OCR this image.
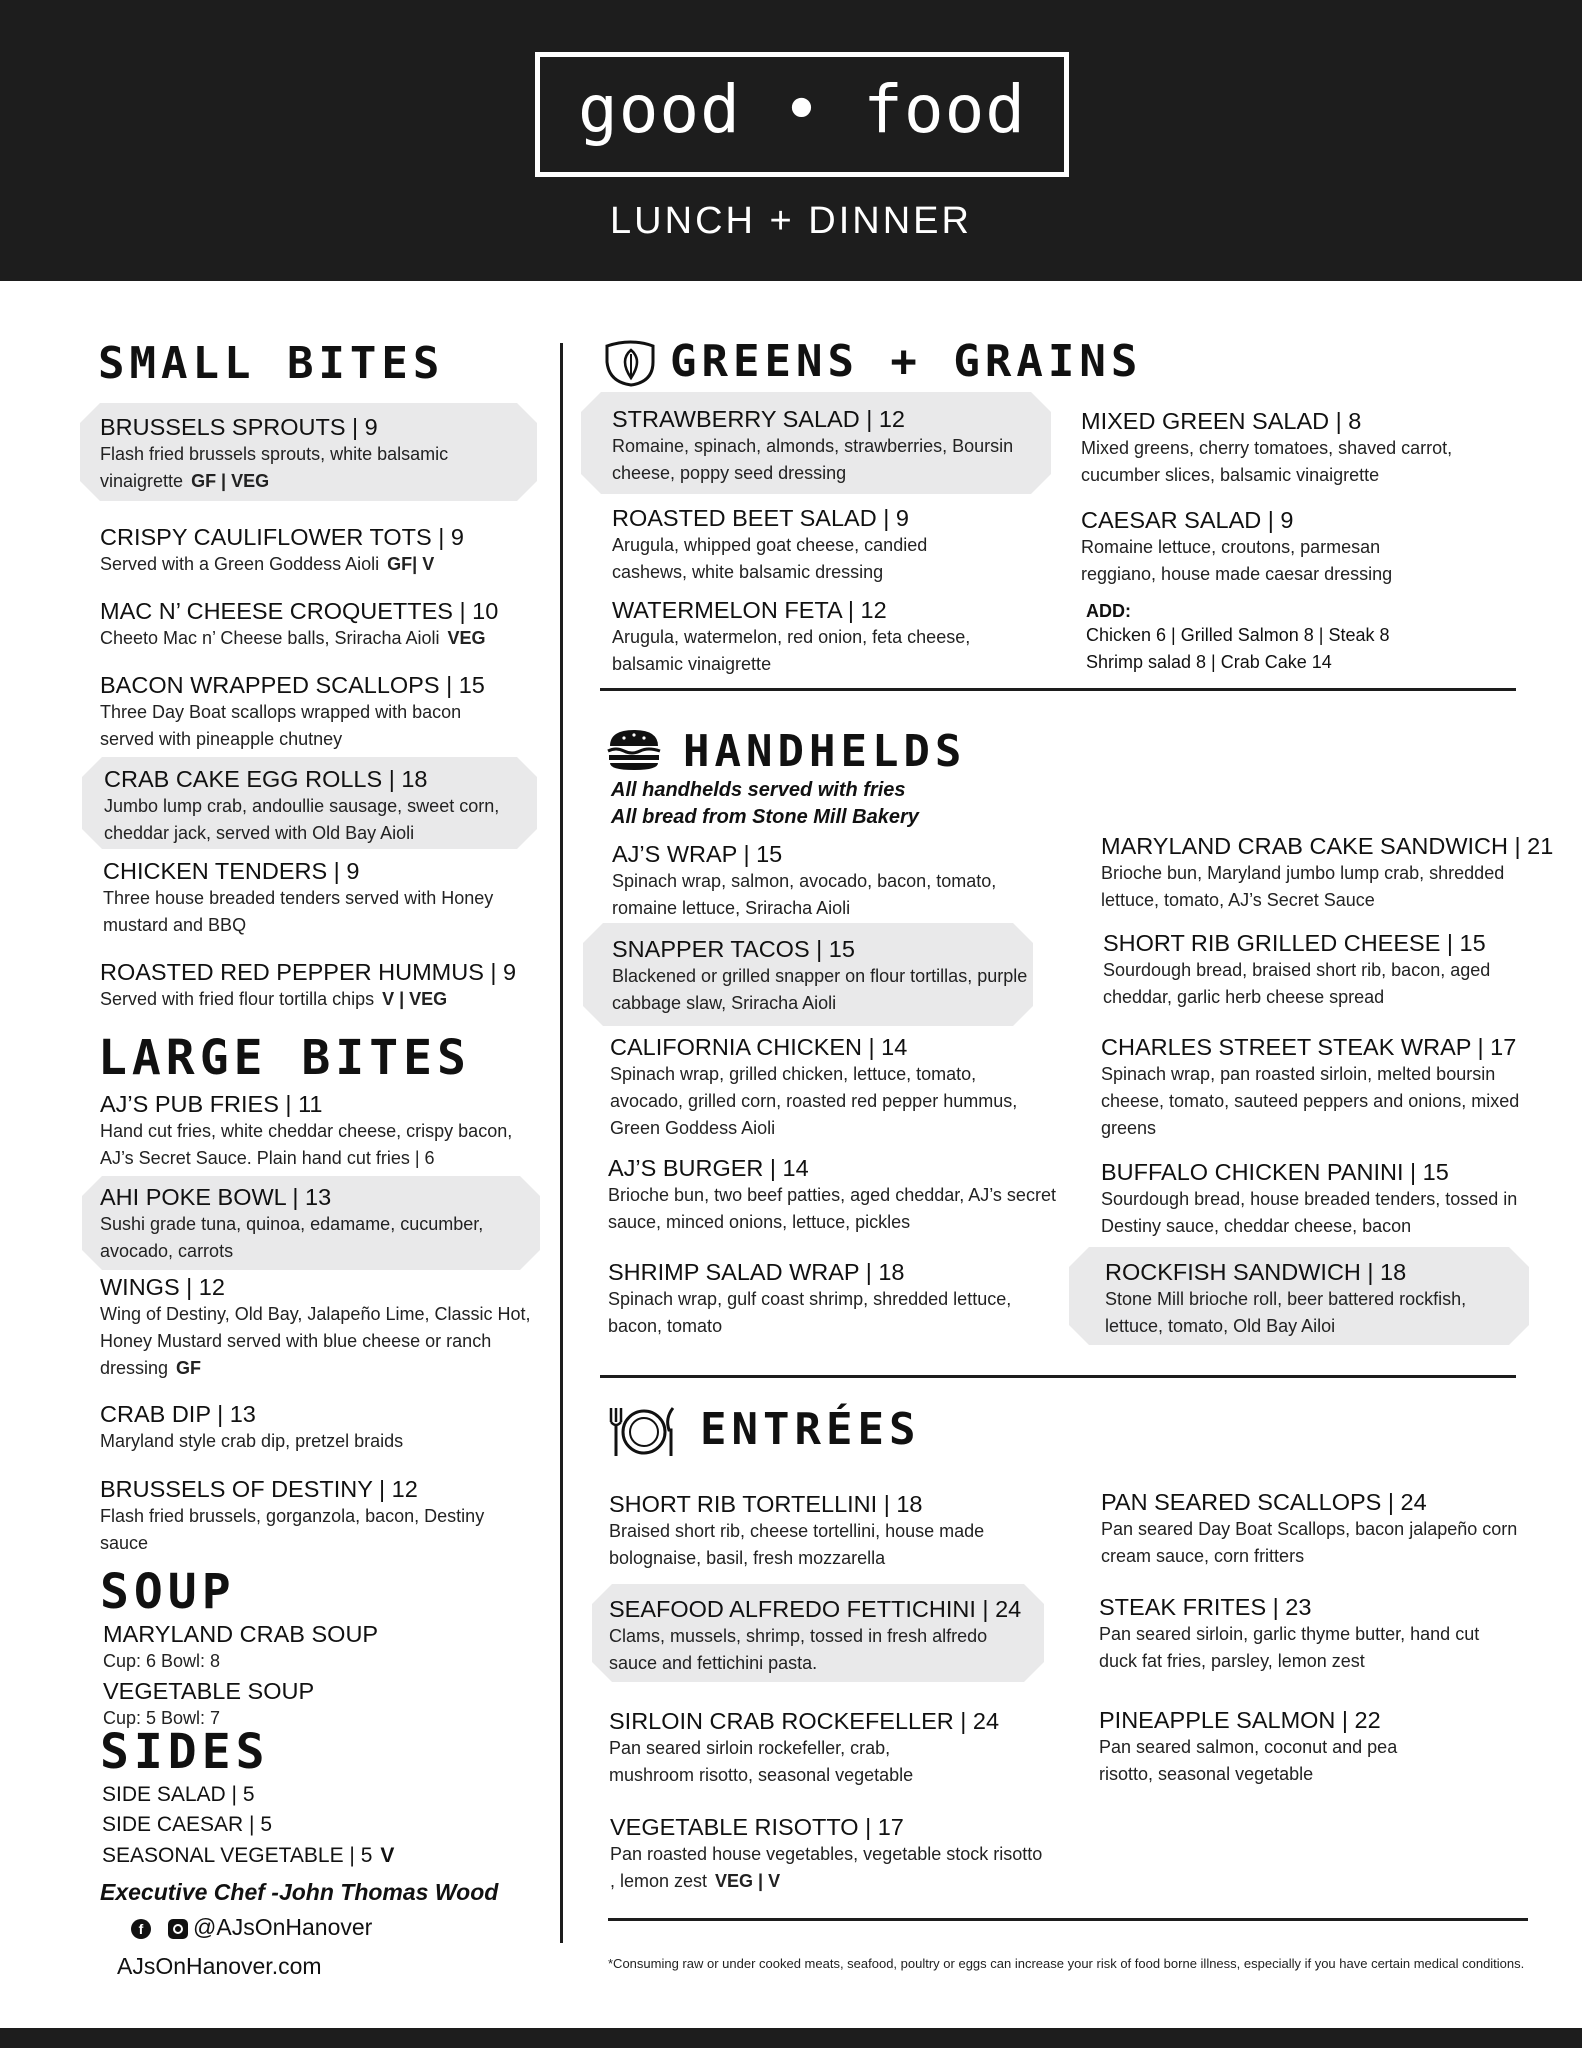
good • food
LUNCH + DINNER
SMALL BITES
BRUSSELS SPROUTS | 9
Flash fried brussels sprouts, white balsamic vinaigrette GF | VEG
CRISPY CAULIFLOWER TOTS | 9
Served with a Green Goddess Aioli GF| V
MAC N’ CHEESE CROQUETTES | 10
Cheeto Mac n’ Cheese balls, Sriracha Aioli VEG
BACON WRAPPED SCALLOPS | 15
Three Day Boat scallops wrapped with bacon served with pineapple chutney
CRAB CAKE EGG ROLLS | 18
Jumbo lump crab, andoullie sausage, sweet corn, cheddar jack, served with Old Bay Aioli
CHICKEN TENDERS | 9
Three house breaded tenders served with Honey mustard and BBQ
ROASTED RED PEPPER HUMMUS | 9
Served with fried flour tortilla chips V | VEG
LARGE BITES
AJ’S PUB FRIES | 11
Hand cut fries, white cheddar cheese, crispy bacon, AJ’s Secret Sauce. Plain hand cut fries | 6
AHI POKE BOWL | 13
Sushi grade tuna, quinoa, edamame, cucumber, avocado, carrots
WINGS | 12
Wing of Destiny, Old Bay, Jalapeño Lime, Classic Hot, Honey Mustard served with blue cheese or ranch dressing GF
CRAB DIP | 13
Maryland style crab dip, pretzel braids
BRUSSELS OF DESTINY | 12
Flash fried brussels, gorganzola, bacon, Destiny sauce
SOUP
MARYLAND CRAB SOUP
Cup: 6 Bowl: 8
VEGETABLE SOUP
Cup: 5 Bowl: 7
SIDES
SIDE SALAD | 5
SIDE CAESAR | 5
SEASONAL VEGETABLE | 5 V
Executive Chef -John Thomas Wood
f	@AJsOnHanover
AJsOnHanover.com
GREENS + GRAINS
STRAWBERRY SALAD | 12
Romaine, spinach, almonds, strawberries, Boursin cheese, poppy seed dressing
ROASTED BEET SALAD | 9
Arugula, whipped goat cheese, candied cashews, white balsamic dressing
WATERMELON FETA | 12
Arugula, watermelon, red onion, feta cheese, balsamic vinaigrette
MIXED GREEN SALAD | 8
Mixed greens, cherry tomatoes, shaved carrot, cucumber slices, balsamic vinaigrette
CAESAR SALAD | 9
Romaine lettuce, croutons, parmesan reggiano, house made caesar dressing
ADD:
Chicken 6 | Grilled Salmon 8 | Steak 8
Shrimp salad 8 | Crab Cake 14
HANDHELDS
All handhelds served with fries
All bread from Stone Mill Bakery
AJ’S WRAP | 15
Spinach wrap, salmon, avocado, bacon, tomato, romaine lettuce, Sriracha Aioli
SNAPPER TACOS | 15
Blackened or grilled snapper on flour tortillas, purple cabbage slaw, Sriracha Aioli
CALIFORNIA CHICKEN | 14
Spinach wrap, grilled chicken, lettuce, tomato, avocado, grilled corn, roasted red pepper hummus, Green Goddess Aioli
AJ’S BURGER | 14
Brioche bun, two beef patties, aged cheddar, AJ’s secret sauce, minced onions, lettuce, pickles
SHRIMP SALAD WRAP | 18
Spinach wrap, gulf coast shrimp, shredded lettuce, bacon, tomato
MARYLAND CRAB CAKE SANDWICH | 21
Brioche bun, Maryland jumbo lump crab, shredded lettuce, tomato, AJ’s Secret Sauce
SHORT RIB GRILLED CHEESE | 15
Sourdough bread, braised short rib, bacon, aged cheddar, garlic herb cheese spread
CHARLES STREET STEAK WRAP | 17
Spinach wrap, pan roasted sirloin, melted boursin cheese, tomato, sauteed peppers and onions, mixed greens
BUFFALO CHICKEN PANINI | 15
Sourdough bread, house breaded tenders, tossed in Destiny sauce, cheddar cheese, bacon
ROCKFISH SANDWICH | 18
Stone Mill brioche roll, beer battered rockfish, lettuce, tomato, Old Bay Ailoi
ENTRÉES
SHORT RIB TORTELLINI | 18
Braised short rib, cheese tortellini, house made bolognaise, basil, fresh mozzarella
SEAFOOD ALFREDO FETTICHINI | 24
Clams, mussels, shrimp, tossed in fresh alfredo sauce and fettichini pasta.
SIRLOIN CRAB ROCKEFELLER | 24
Pan seared sirloin rockefeller, crab, mushroom risotto, seasonal vegetable
VEGETABLE RISOTTO | 17
Pan roasted house vegetables, vegetable stock risotto , lemon zest VEG | V
PAN SEARED SCALLOPS | 24
Pan seared Day Boat Scallops, bacon jalapeño corn cream sauce, corn fritters
STEAK FRITES | 23
Pan seared sirloin, garlic thyme butter, hand cut duck fat fries, parsley, lemon zest
PINEAPPLE SALMON | 22
Pan seared salmon, coconut and pea risotto, seasonal vegetable
*Consuming raw or under cooked meats, seafood, poultry or eggs can increase your risk of food borne illness, especially if you have certain medical conditions.
